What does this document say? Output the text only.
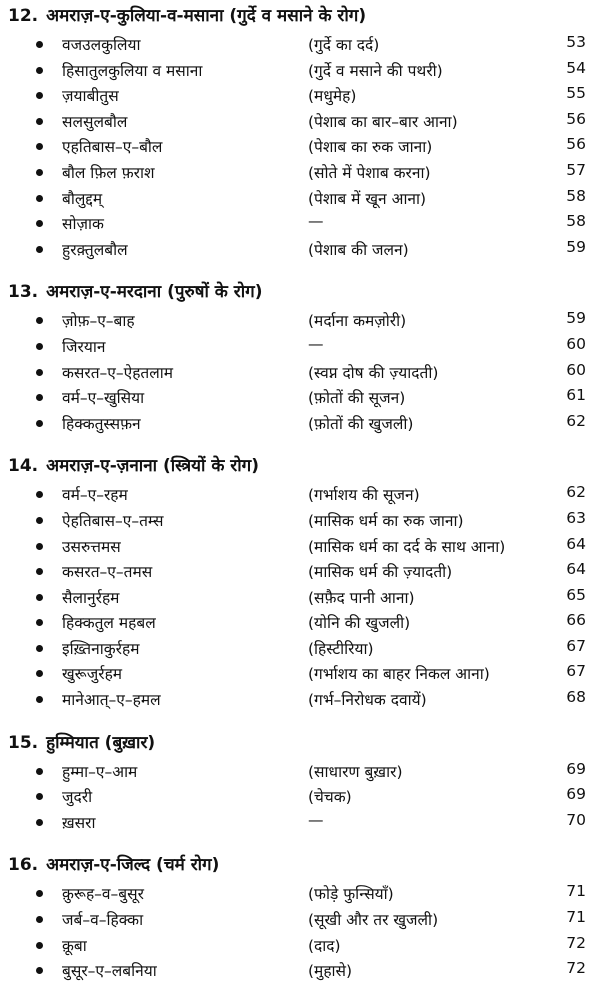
12. अमराज़-ए-कुलिया-व-मसाना (गुर्दे व मसाने के रोग)
वजउलकुलिया	(गुर्दे का दर्द)	53
हिसातुलकुलिया व मसाना	(गुर्दे व मसाने की पथरी)	54
ज़याबीतुस	(मधुमेह)	55
सलसुलबौल	(पेशाब का बार–बार आना)	56
एहतिबास–ए–बौल	(पेशाब का रुक जाना)	56
बौल फ़िल फ़राश	(सोते में पेशाब करना)	57
बौलुद्दम्	(पेशाब में खून आना)	58
सोज़ाक	—	58
हुरक़्तुलबौल	(पेशाब की जलन)	59
13. अमराज़-ए-मरदाना (पुरुषों के रोग)
ज़ोफ़–ए–बाह	(मर्दाना कमज़ोरी)	59
जिरयान	—	60
कसरत–ए–ऐहतलाम	(स्वप्न दोष की ज़्यादती)	60
वर्म–ए–खुसिया	(फ़ोतों की सूजन)	61
हिक्कतुस्सफ़न	(फ़ोतों की खुजली)	62
14. अमराज़-ए-ज़नाना (स्त्रियों के रोग)
वर्म–ए–रहम	(गर्भाशय की सूजन)	62
ऐहतिबास–ए–तम्स	(मासिक धर्म का रुक जाना)	63
उसरुत्तमस	(मासिक धर्म का दर्द के साथ आना)	64
कसरत–ए–तमस	(मासिक धर्म की ज़्यादती)	64
सैलानुर्रहम	(सफ़ैद पानी आना)	65
हिक्कतुल महबल	(योनि की खुजली)	66
इख़्तिनाकुर्रहम	(हिस्टीरिया)	67
खुरूजुर्रहम	(गर्भाशय का बाहर निकल आना)	67
मानेआत्–ए–हमल	(गर्भ–निरोधक दवायें)	68
15. हुम्मियात (बुख़ार)
हुम्मा–ए–आम	(साधारण बुख़ार)	69
जुदरी	(चेचक)	69
ख़सरा	—	70
16. अमराज़-ए-जिल्द (चर्म रोग)
क़ुरूह–व–बुसूर	(फोड़े फुन्सियाँ)	71
जर्ब–व–हिक्का	(सूखी और तर खुजली)	71
क़ूबा	(दाद)	72
बुसूर–ए–लबनिया	(मुहासे)	72
